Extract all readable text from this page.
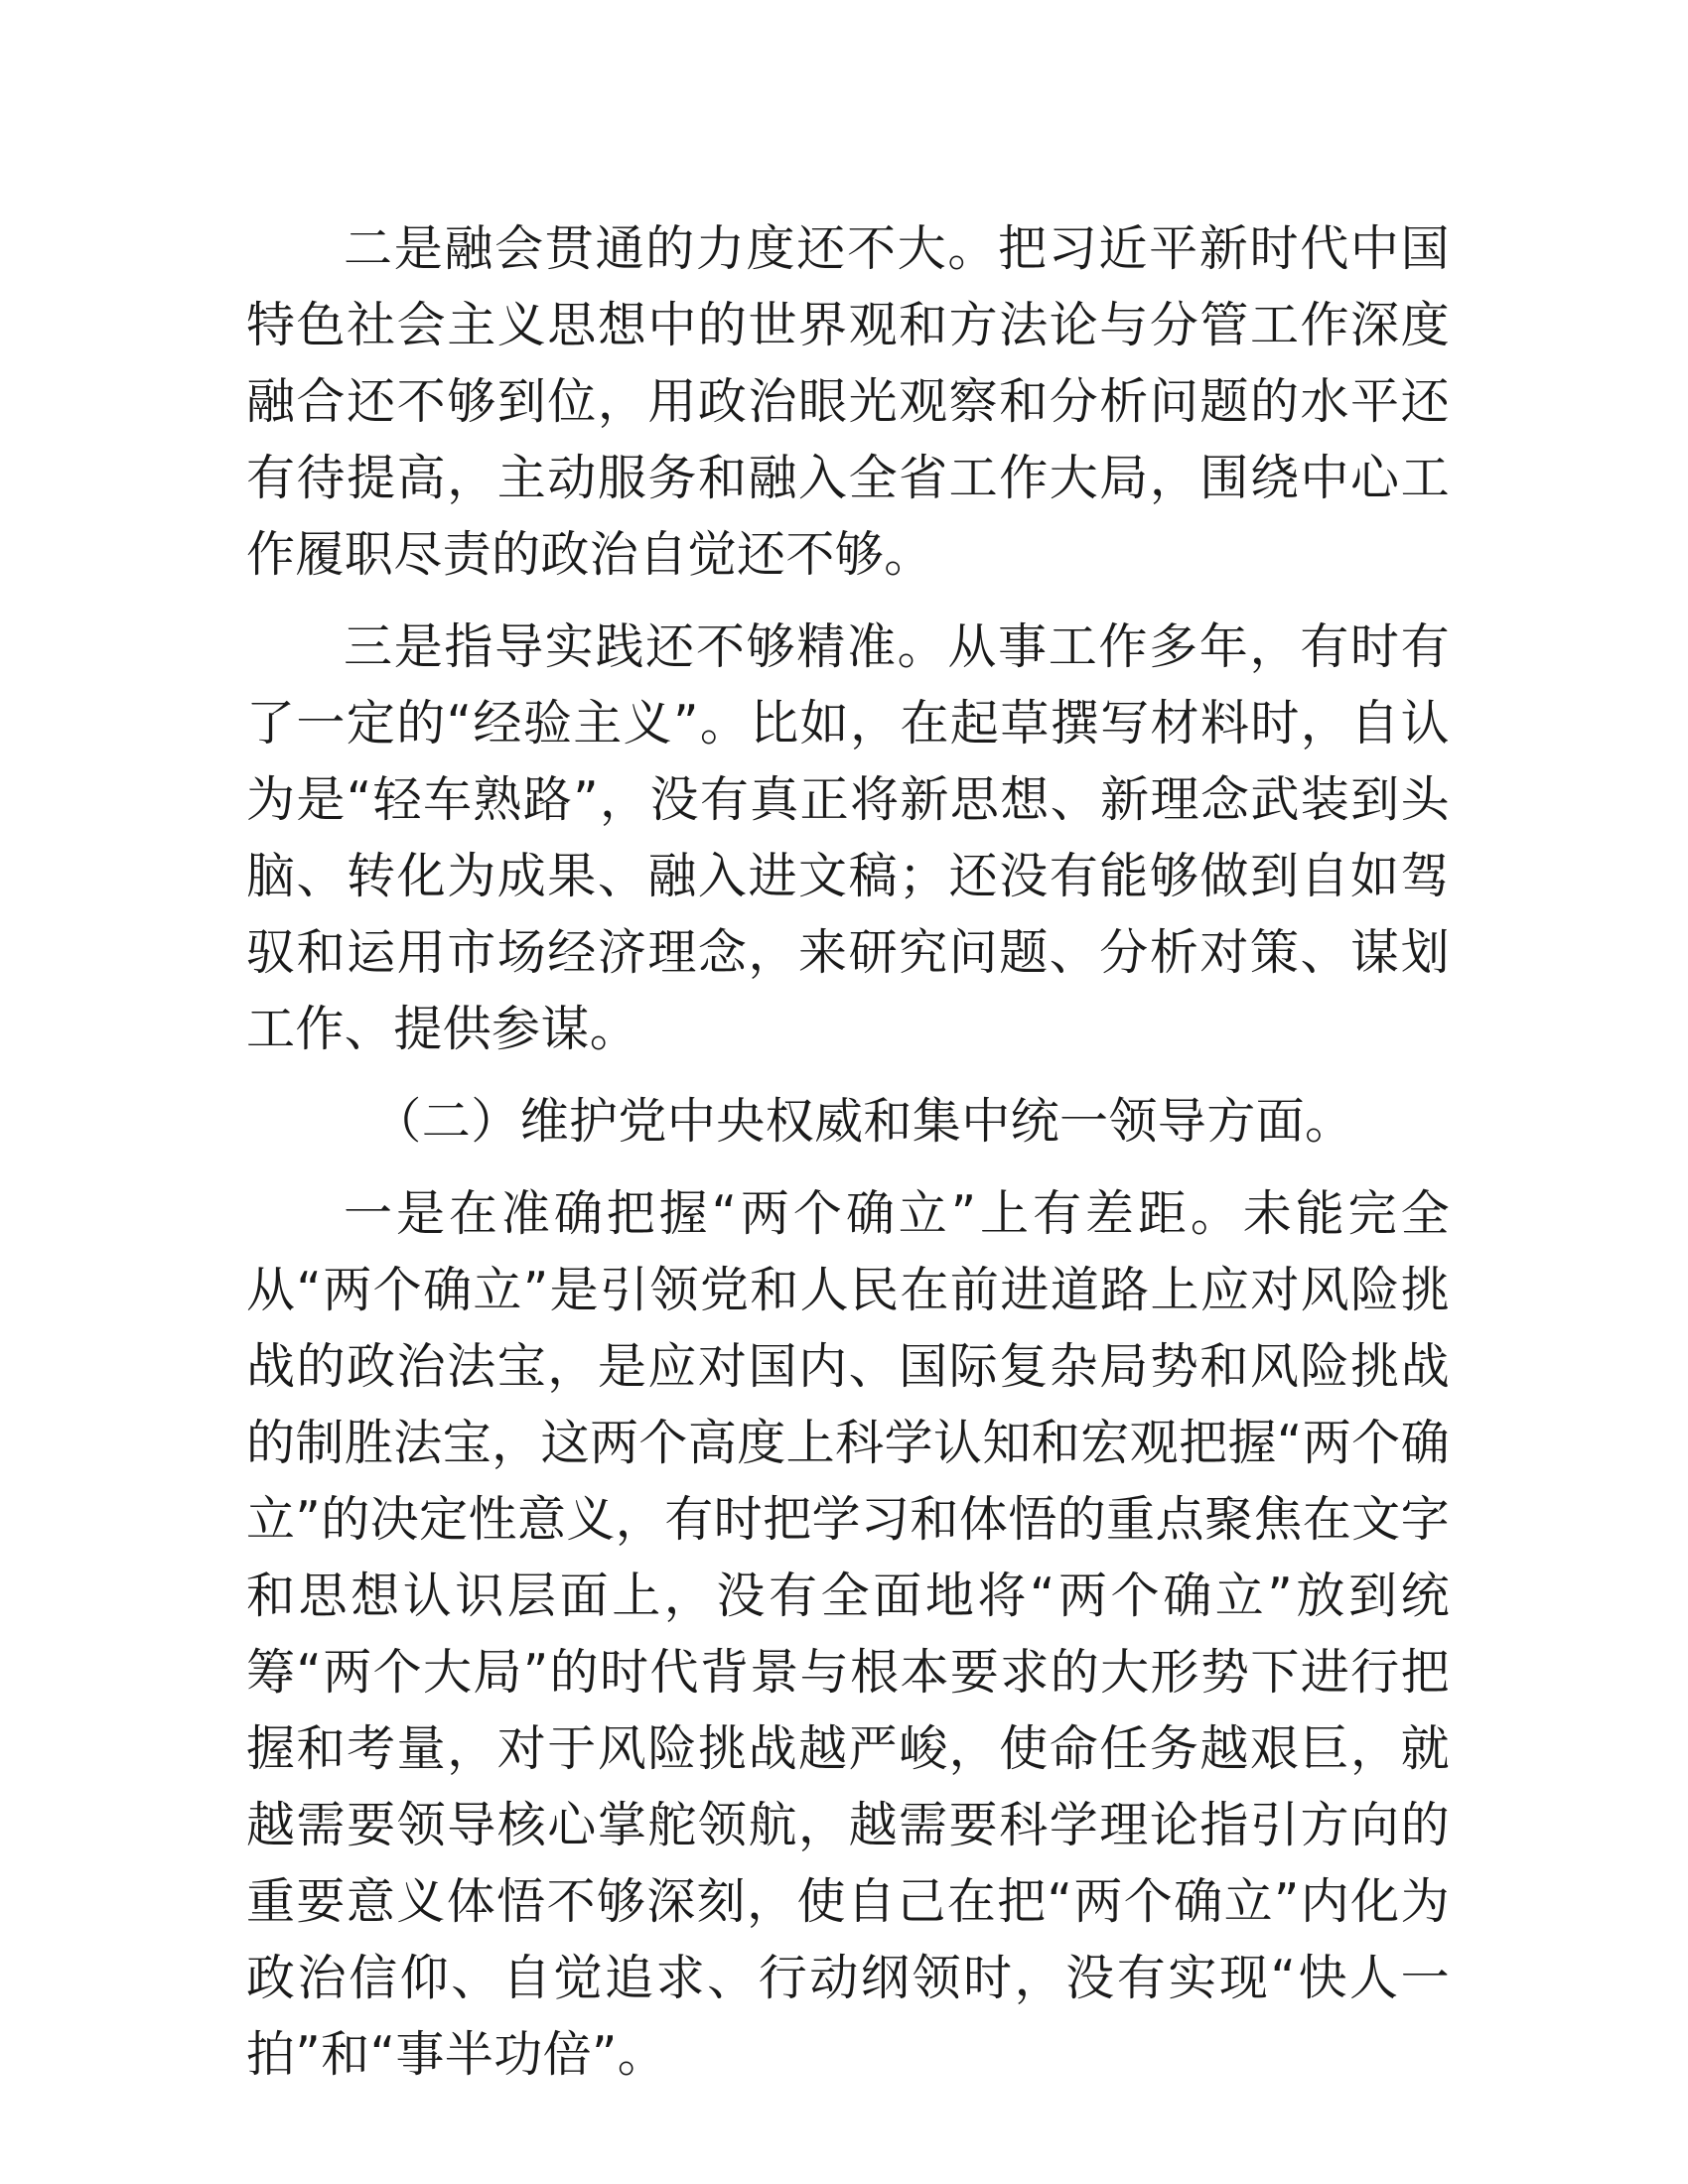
二是融会贯通的力度还不大。把习近平新时代中国特色社会主义思想中的世界观和方法论与分管工作深度融合还不够到位，用政治眼光观察和分析问题的水平还有待提高，主动服务和融入全省工作大局，围绕中心工作履职尽责的政治自觉还不够。

三是指导实践还不够精准。从事工作多年，有时有了一定的“经验主义”。比如，在起草撰写材料时，自认为是“轻车熟路”，没有真正将新思想、新理念武装到头脑、转化为成果、融入进文稿；还没有能够做到自如驾驭和运用市场经济理念，来研究问题、分析对策、谋划工作、提供参谋。

（二）维护党中央权威和集中统一领导方面。

一是在准确把握“两个确立”上有差距。未能完全从“两个确立”是引领党和人民在前进道路上应对风险挑战的政治法宝，是应对国内、国际复杂局势和风险挑战的制胜法宝，这两个高度上科学认知和宏观把握“两个确立”的决定性意义，有时把学习和体悟的重点聚焦在文字和思想认识层面上，没有全面地将“两个确立”放到统筹“两个大局”的时代背景与根本要求的大形势下进行把握和考量，对于风险挑战越严峻，使命任务越艰巨，就越需要领导核心掌舵领航，越需要科学理论指引方向的重要意义体悟不够深刻，使自己在把“两个确立”内化为政治信仰、自觉追求、行动纲领时，没有实现“快人一拍”和“事半功倍”。
